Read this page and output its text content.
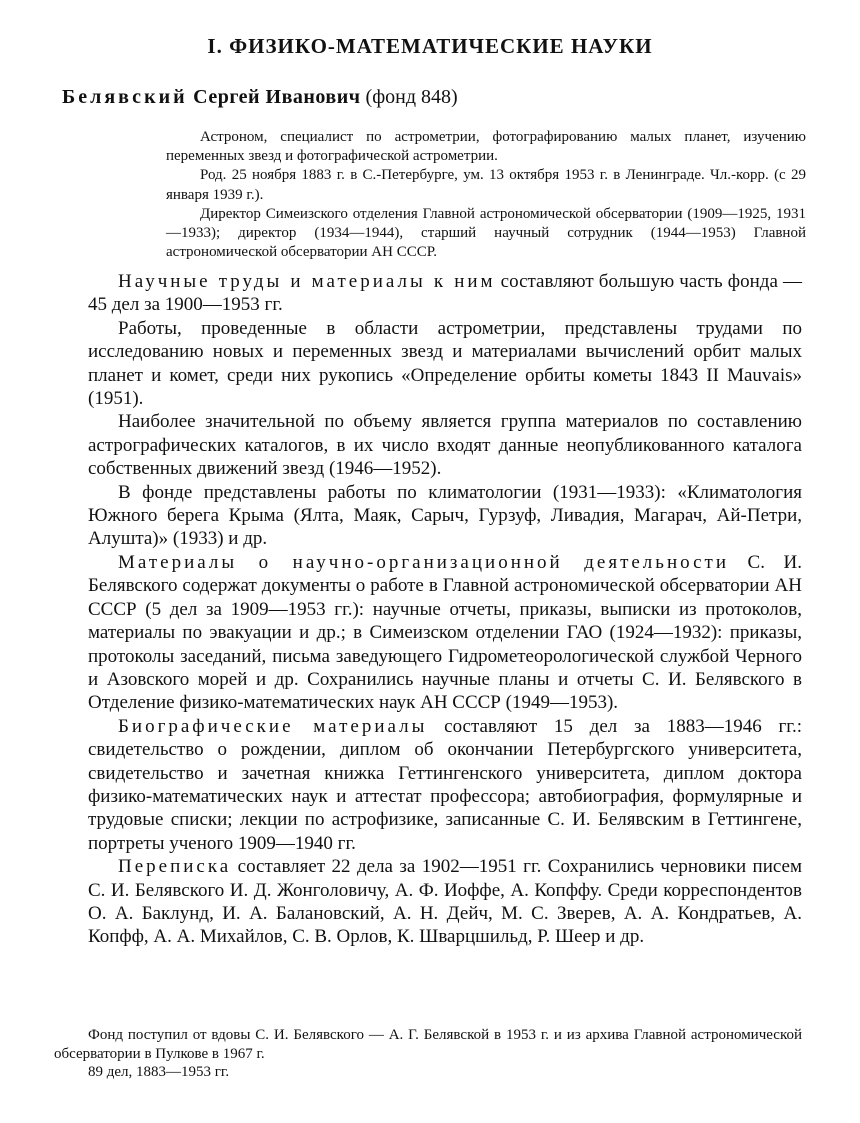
I. ФИЗИКО-МАТЕМАТИЧЕСКИЕ НАУКИ

Белявский Сергей Иванович (фонд 848)

Астроном, специалист по астрометрии, фотографированию малых планет, изучению переменных звезд и фотографической астрометрии.

Род. 25 ноября 1883 г. в С.-Петербурге, ум. 13 октября 1953 г. в Ленинграде. Чл.-корр. (с 29 января 1939 г.).

Директор Симеизского отделения Главной астрономической обсерватории (1909—1925, 1931—1933); директор (1934—1944), старший научный сотрудник (1944—1953) Главной астрономической обсерватории АН СССР.

Научные труды и материалы к ним составляют большую часть фонда — 45 дел за 1900—1953 гг.

Работы, проведенные в области астрометрии, представлены трудами по исследованию новых и переменных звезд и материалами вычислений орбит малых планет и комет, среди них рукопись «Определение орбиты кометы 1843 II Mauvais» (1951).

Наиболее значительной по объему является группа материалов по составлению астрографических каталогов, в их число входят данные неопубликованного каталога собственных движений звезд (1946—1952).

В фонде представлены работы по климатологии (1931—1933): «Климатология Южного берега Крыма (Ялта, Маяк, Сарыч, Гурзуф, Ливадия, Магарач, Ай-Петри, Алушта)» (1933) и др.

Материалы о научно-организационной деятельности С. И. Белявского содержат документы о работе в Главной астрономической обсерватории АН СССР (5 дел за 1909—1953 гг.): научные отчеты, приказы, выписки из протоколов, материалы по эвакуации и др.; в Симеизском отделении ГАО (1924—1932): приказы, протоколы заседаний, письма заведующего Гидрометеорологической службой Черного и Азовского морей и др. Сохранились научные планы и отчеты С. И. Белявского в Отделение физико-математических наук АН СССР (1949—1953).

Биографические материалы составляют 15 дел за 1883—1946 гг.: свидетельство о рождении, диплом об окончании Петербургского университета, свидетельство и зачетная книжка Геттингенского университета, диплом доктора физико-математических наук и аттестат профессора; автобиография, формулярные и трудовые списки; лекции по астрофизике, записанные С. И. Белявским в Геттингене, портреты ученого 1909—1940 гг.

Переписка составляет 22 дела за 1902—1951 гг. Сохранились черновики писем С. И. Белявского И. Д. Жонголовичу, А. Ф. Иоффе, А. Копффу. Среди корреспондентов О. А. Баклунд, И. А. Балановский, А. Н. Дейч, М. С. Зверев, А. А. Кондратьев, А. Копфф, А. А. Михайлов, С. В. Орлов, К. Шварцшильд, Р. Шеер и др.

Фонд поступил от вдовы С. И. Белявского — А. Г. Белявской в 1953 г. и из архива Главной астрономической обсерватории в Пулкове в 1967 г.

89 дел, 1883—1953 гг.
